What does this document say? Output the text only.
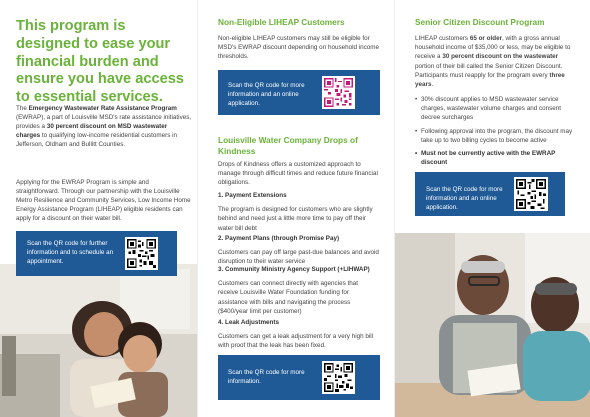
This program is designed to ease your financial burden and ensure you have access to essential services.
The Emergency Wastewater Rate Assistance Program (EWRAP), a part of Louisville MSD's rate assistance initiatives, provides a 30 percent discount on MSD wastewater charges to qualifying low-income residential customers in Jefferson, Oldham and Bullitt Counties.
Applying for the EWRAP Program is simple and straightforward. Through our partnership with the Louisville Metro Resilience and Community Services, Low Income Home Energy Assistance Program (LIHEAP) eligible residents can apply for a discount on their water bill.
Scan the QR code for further information and to schedule an appointment.
Non-Eligible LIHEAP Customers
Non-eligible LIHEAP customers may still be eligible for MSD's EWRAP discount depending on household income thresholds.
Scan the QR code for more information and an online application.
Louisville Water Company Drops of Kindness
Drops of Kindness offers a customized approach to manage through difficult times and reduce future financial obligations.
1. Payment Extensions
The program is designed for customers who are slightly behind and need just a little more time to pay off their water bill debt
2. Payment Plans (through Promise Pay)
Customers can pay off large past-due balances and avoid disruption to their water service
3. Community Ministry Agency Support (+LIHWAP)
Customers can connect directly with agencies that receive Louisville Water Foundation funding for assistance with bills and navigating the process ($400/year limit per customer)
4. Leak Adjustments
Customers can get a leak adjustment for a very high bill with proof that the leak has been fixed.
Scan the QR code for more information.
Senior Citizen Discount Program
LIHEAP customers 65 or older, with a gross annual household income of $35,000 or less, may be eligible to receive a 30 percent discount on the wastewater portion of their bill called the Senior Citizen Discount. Participants must reapply for the program every three years.
• 30% discount applies to MSD wastewater service charges, wastewater volume charges and consent decree surcharges
• Following approval into the program, the discount may take up to two billing cycles to become active
• Must not be currently active with the EWRAP discount
Scan the QR code for more information and an online application.
